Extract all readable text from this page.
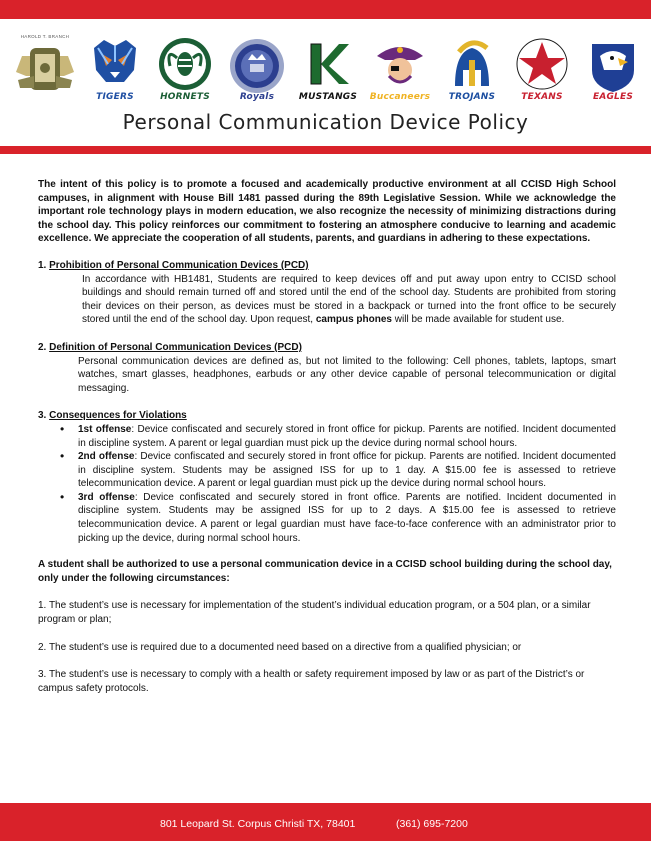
HAROLD T. BRANCH
TIGERS	HORNETS	Royals	MUSTANGS Buccaneers	TROJANS	TEXANS	EAGLES
Personal Communication Device Policy

The intent of this policy is to promote a focused and academically productive environment at all CCISD High School campuses, in alignment with House Bill 1481 passed during the 89th Legislative Session. While we acknowledge the important role technology plays in modern education, we also recognize the necessity of minimizing distractions during the school day. This policy reinforces our commitment to fostering an atmosphere conducive to learning and academic excellence. We appreciate the cooperation of all students, parents, and guardians in adhering to these expectations.

1. Prohibition of Personal Communication Devices (PCD)

In accordance with HB1481, Students are required to keep devices off and put away upon entry to CCISD school buildings and should remain turned off and stored until the end of the school day. Students are prohibited from storing their devices on their person, as devices must be stored in a backpack or turned into the front office to be securely stored until the end of the school day. Upon request, campus phones will be made available for student use.

2. Definition of Personal Communication Devices (PCD)

Personal communication devices are defined as, but not limited to the following: Cell phones, tablets, laptops, smart watches, smart glasses, headphones, earbuds or any other device capable of personal telecommunication or digital messaging.

3. Consequences for Violations

• 1st offense: Device confiscated and securely stored in front office for pickup. Parents are notified. Incident documented in discipline system. A parent or legal guardian must pick up the device during normal school hours.
• 2nd offense: Device confiscated and securely stored in front office for pickup. Parents are notified. Incident documented in discipline system. Students may be assigned ISS for up to 1 day. A $15.00 fee is assessed to retrieve telecommunication device. A parent or legal guardian must pick up the device during normal school hours.
• 3rd offense: Device confiscated and securely stored in front office. Parents are notified. Incident documented in discipline system. Students may be assigned ISS for up to 2 days. A $15.00 fee is assessed to retrieve telecommunication device. A parent or legal guardian must have face-to-face conference with an administrator prior to picking up the device, during normal school hours.

A student shall be authorized to use a personal communication device in a CCISD school building during the school day, only under the following circumstances:

1. The student’s use is necessary for implementation of the student’s individual education program, or a 504 plan, or a similar program or plan;

2. The student’s use is required due to a documented need based on a directive from a qualified physician; or

3. The student’s use is necessary to comply with a health or safety requirement imposed by law or as part of the District’s or campus safety protocols.

801 Leopard St. Corpus Christi TX, 78401	(361) 695-7200
